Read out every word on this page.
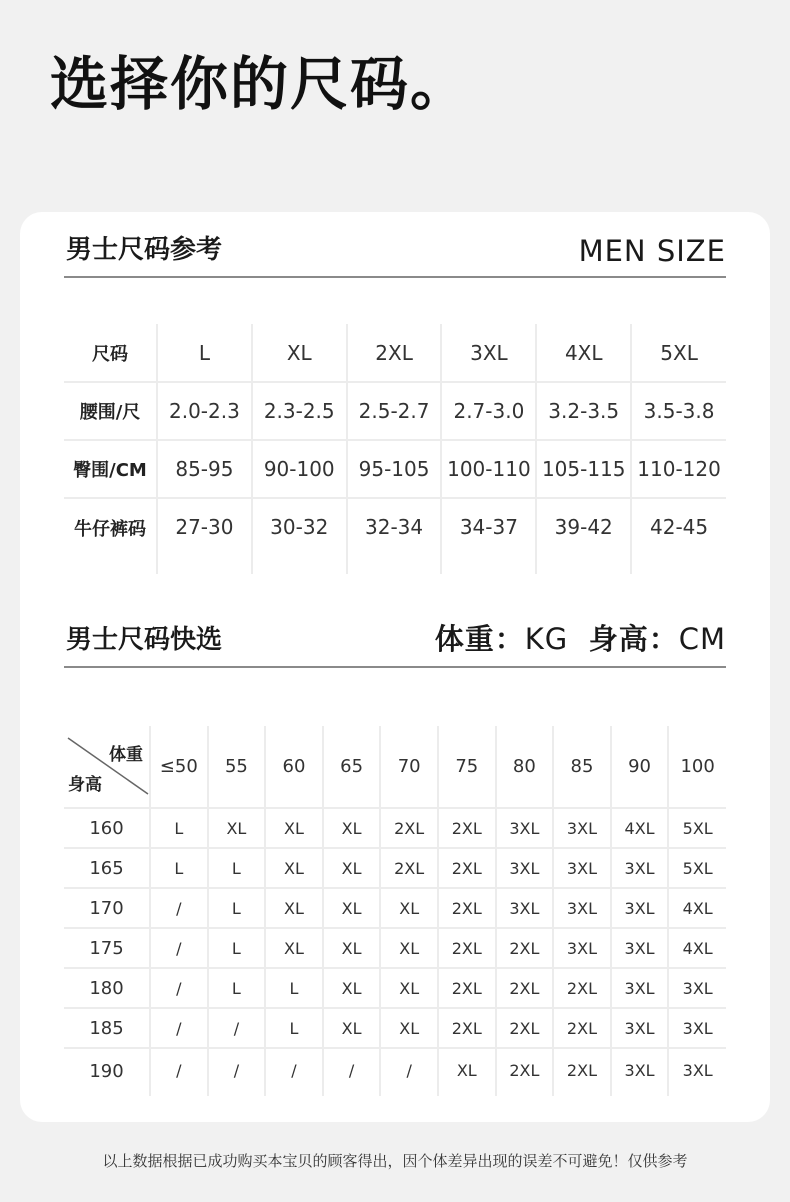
选择你的尺码。
男士尺码参考	MEN SIZE
尺码	L	XL	2XL	3XL	4XL	5XL
腰围/尺	2.0-2.3	2.3-2.5	2.5-2.7	2.7-3.0	3.2-3.5	3.5-3.8
臀围/CM	85-95	90-100	95-105	100-110	105-115	110-120
牛仔裤码	27-30	30-32	32-34	34-37	39-42	42-45
男士尺码快选	体重：KG 身高：CM
体重
身高	≤50	55	60	65	70	75	80	85	90	100
160	L	XL	XL	XL	2XL	2XL	3XL	3XL	4XL	5XL
165	L	L	XL	XL	2XL	2XL	3XL	3XL	3XL	5XL
170	/	L	XL	XL	XL	2XL	3XL	3XL	3XL	4XL
175	/	L	XL	XL	XL	2XL	2XL	3XL	3XL	4XL
180	/	L	L	XL	XL	2XL	2XL	2XL	3XL	3XL
185	/	/	L	XL	XL	2XL	2XL	2XL	3XL	3XL
190	/	/	/	/	/	XL	2XL	2XL	3XL	3XL
以上数据根据已成功购买本宝贝的顾客得出，因个体差异出现的误差不可避免！仅供参考
